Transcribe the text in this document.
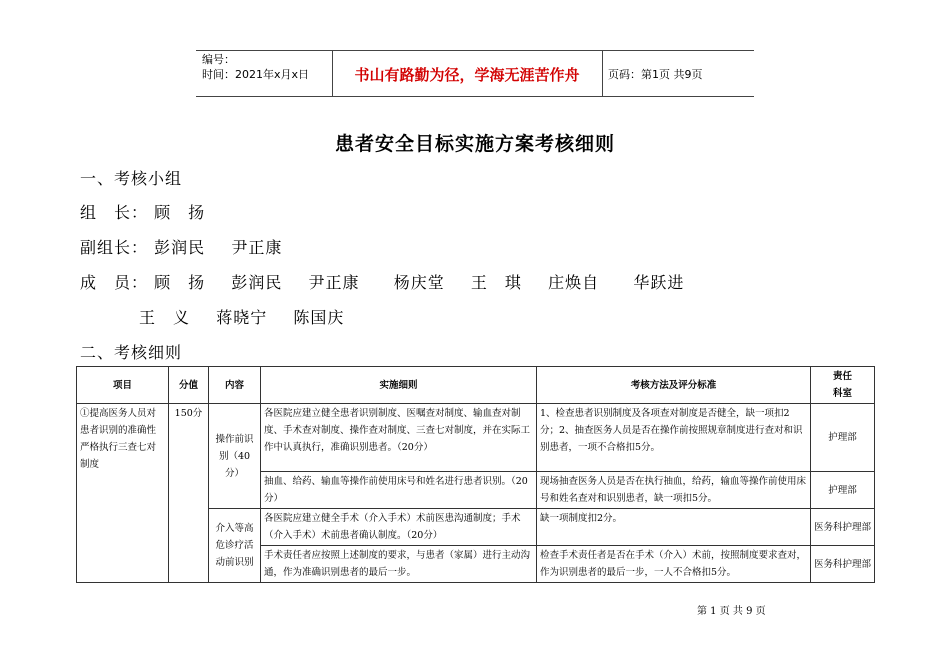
编号：
时间：2021年x月x日	书山有路勤为径，学海无涯苦作舟	页码：第1页 共9页
患者安全目标实施方案考核细则
一、考核小组
组　长： 顾　扬
副组长： 彭润民 尹正康
成　员： 顾　扬 彭润民 尹正康 杨庆堂 王　琪 庄焕自 华跃进
王　义 蒋晓宁 陈国庆
二、考核细则
项目	分值	内容	实施细则	考核方法及评分标准	责任
科室

①提高医务人员对患者识别的准确性严格执行三查七对制度	150分	操作前识别（40分）	各医院应建立健全患者识别制度、医嘱查对制度、输血查对制度、手术查对制度、操作查对制度、三查七对制度，并在实际工作中认真执行，准确识别患者。（20分）	1、检查患者识别制度及各项查对制度是否健全，缺一项扣2分；2、抽查医务人员是否在操作前按照规章制度进行查对和识别患者，一项不合格扣5分。	护理部
			抽血、给药、输血等操作前使用床号和姓名进行患者识别。（20分）	现场抽查医务人员是否在执行抽血，给药，输血等操作前使用床号和姓名查对和识别患者，缺一项扣5分。	护理部
		介入等高危诊疗活动前识别	各医院应建立健全手术（介入手术）术前医患沟通制度；手术（介入手术）术前患者确认制度。（20分）	缺一项制度扣2分。	医务科护理部
			手术责任者应按照上述制度的要求，与患者（家属）进行主动沟通，作为准确识别患者的最后一步。	检查手术责任者是否在手术（介入）术前，按照制度要求查对，作为识别患者的最后一步，一人不合格扣5分。	医务科护理部
第 1 页 共 9 页
